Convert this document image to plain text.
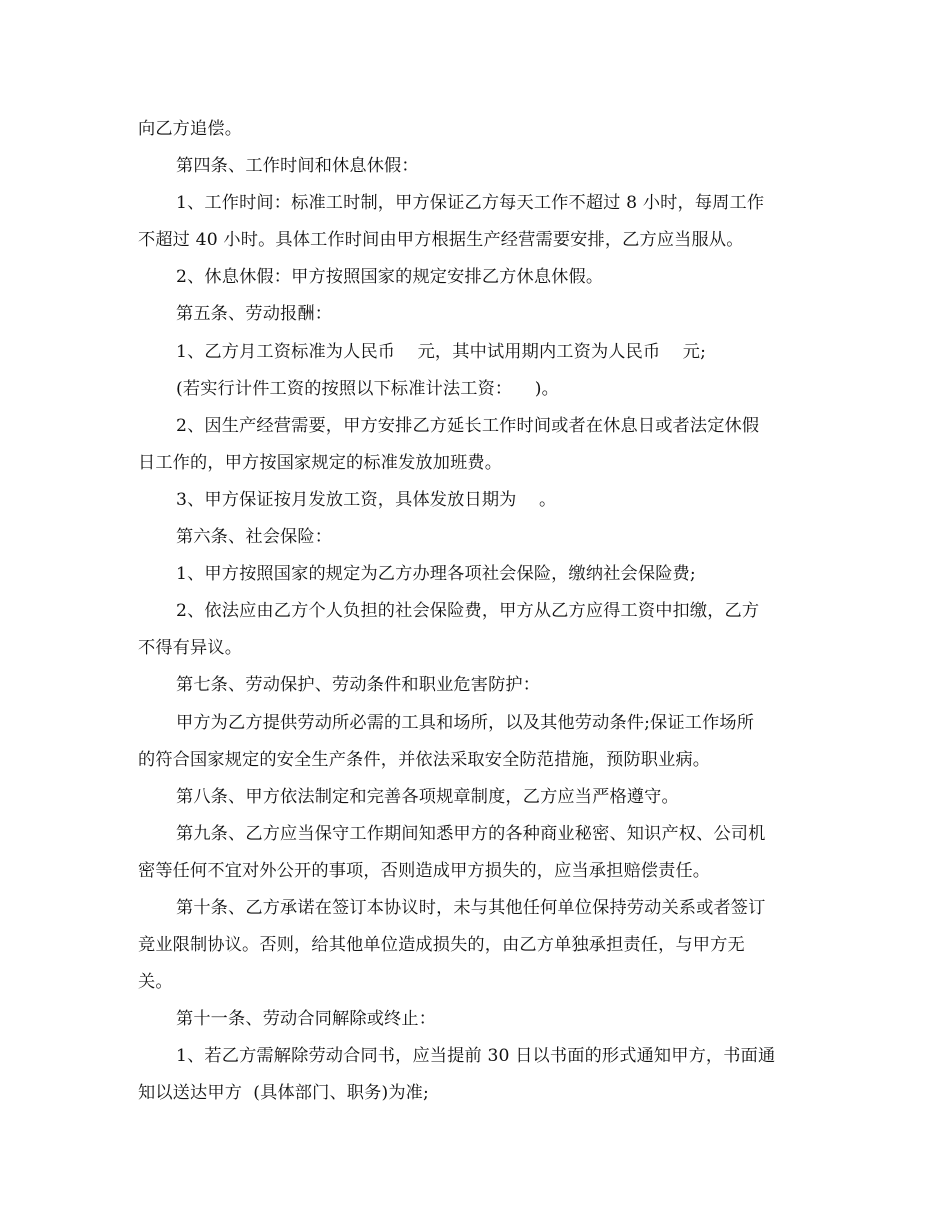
向乙方追偿。
第四条、工作时间和休息休假：
1、工作时间：标准工时制，甲方保证乙方每天工作不超过 8 小时，每周工作
不超过 40 小时。具体工作时间由甲方根据生产经营需要安排，乙方应当服从。
2、休息休假：甲方按照国家的规定安排乙方休息休假。
第五条、劳动报酬：
1、乙方月工资标准为人民币    元，其中试用期内工资为人民币    元;
(若实行计件工资的按照以下标准计法工资：    )。
2、因生产经营需要，甲方安排乙方延长工作时间或者在休息日或者法定休假
日工作的，甲方按国家规定的标准发放加班费。
3、甲方保证按月发放工资，具体发放日期为    。
第六条、社会保险：
1、甲方按照国家的规定为乙方办理各项社会保险，缴纳社会保险费;
2、依法应由乙方个人负担的社会保险费，甲方从乙方应得工资中扣缴，乙方
不得有异议。
第七条、劳动保护、劳动条件和职业危害防护：
甲方为乙方提供劳动所必需的工具和场所，以及其他劳动条件;保证工作场所
的符合国家规定的安全生产条件，并依法采取安全防范措施，预防职业病。
第八条、甲方依法制定和完善各项规章制度，乙方应当严格遵守。
第九条、乙方应当保守工作期间知悉甲方的各种商业秘密、知识产权、公司机
密等任何不宜对外公开的事项，否则造成甲方损失的，应当承担赔偿责任。
第十条、乙方承诺在签订本协议时，未与其他任何单位保持劳动关系或者签订
竞业限制协议。否则，给其他单位造成损失的，由乙方单独承担责任，与甲方无
关。
第十一条、劳动合同解除或终止：
1、若乙方需解除劳动合同书，应当提前 30 日以书面的形式通知甲方，书面通
知以送达甲方  (具体部门、职务)为准;
